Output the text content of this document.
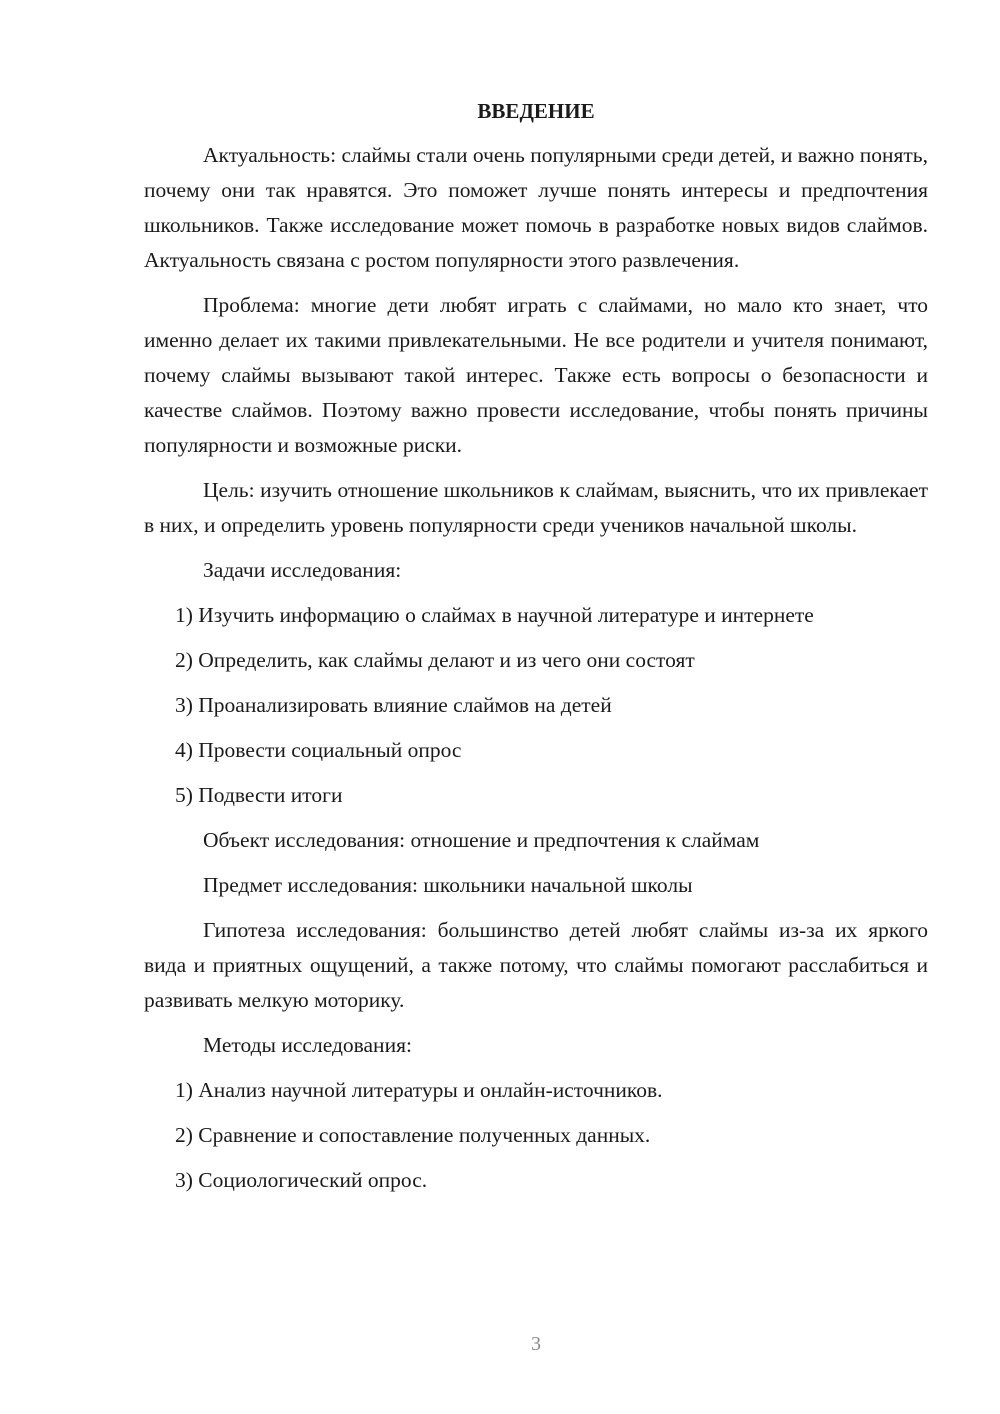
ВВЕДЕНИЕ

Актуальность: слаймы стали очень популярными среди детей, и важно понять, почему они так нравятся. Это поможет лучше понять интересы и предпочтения школьников. Также исследование может помочь в разработке новых видов слаймов. Актуальность связана с ростом популярности этого развлечения.

Проблема: многие дети любят играть с слаймами, но мало кто знает, что именно делает их такими привлекательными. Не все родители и учителя понимают, почему слаймы вызывают такой интерес. Также есть вопросы о безопасности и качестве слаймов. Поэтому важно провести исследование, чтобы понять причины популярности и возможные риски.

Цель: изучить отношение школьников к слаймам, выяснить, что их привлекает в них, и определить уровень популярности среди учеников начальной школы.

Задачи исследования:

1) Изучить информацию о слаймах в научной литературе и интернете

2) Определить, как слаймы делают и из чего они состоят

3) Проанализировать влияние слаймов на детей

4) Провести социальный опрос

5) Подвести итоги

Объект исследования: отношение и предпочтения к слаймам

Предмет исследования: школьники начальной школы

Гипотеза исследования: большинство детей любят слаймы из-за их яркого вида и приятных ощущений, а также потому, что слаймы помогают расслабиться и развивать мелкую моторику.

Методы исследования:

1) Анализ научной литературы и онлайн-источников.

2) Сравнение и сопоставление полученных данных.

3) Социологический опрос.

3
